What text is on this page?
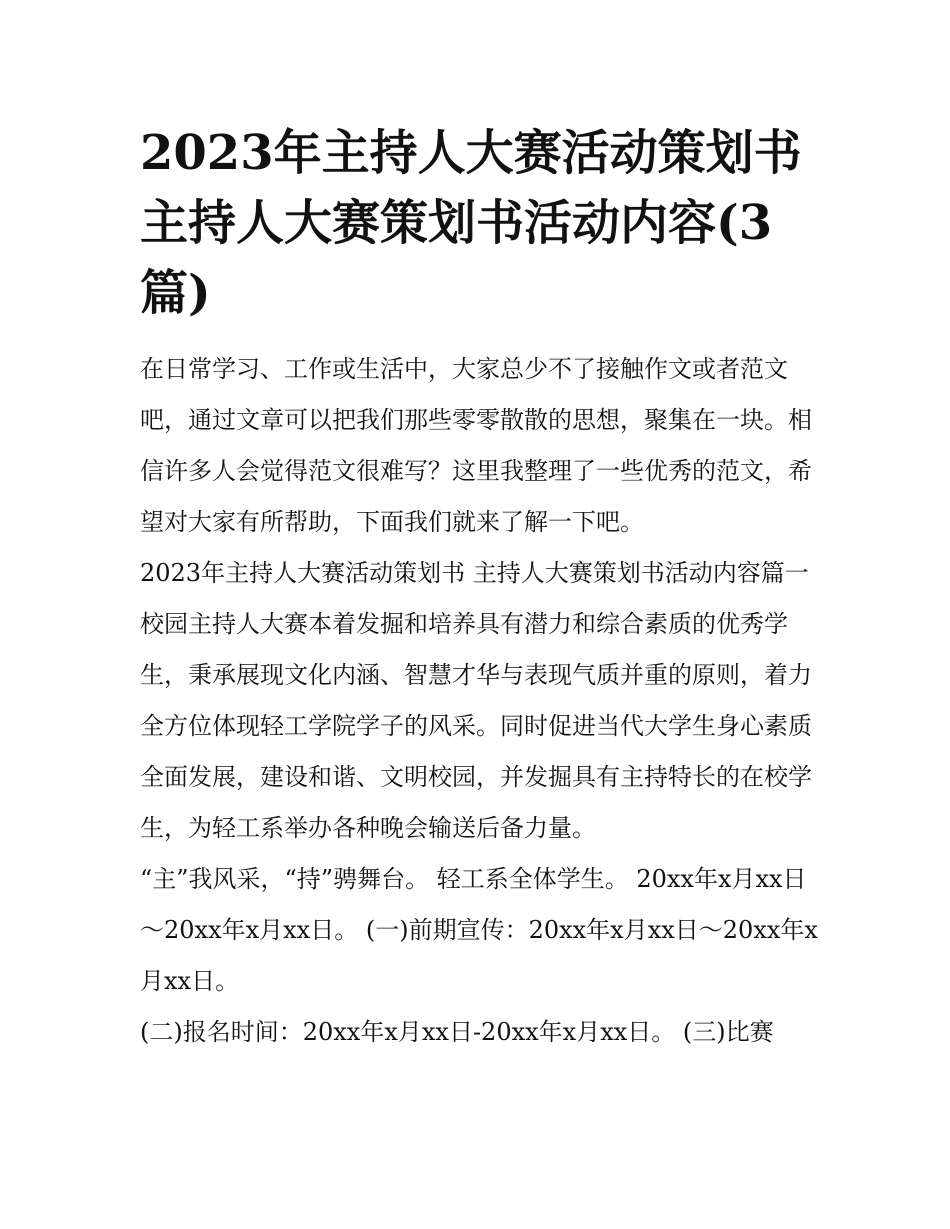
2023年主持人大赛活动策划书 主持人大赛策划书活动内容(3篇)

在日常学习、工作或生活中，大家总少不了接触作文或者范文吧，通过文章可以把我们那些零零散散的思想，聚集在一块。相信许多人会觉得范文很难写？这里我整理了一些优秀的范文，希望对大家有所帮助，下面我们就来了解一下吧。

2023年主持人大赛活动策划书 主持人大赛策划书活动内容篇一

校园主持人大赛本着发掘和培养具有潜力和综合素质的优秀学生，秉承展现文化内涵、智慧才华与表现气质并重的原则，着力全方位体现轻工学院学子的风采。同时促进当代大学生身心素质全面发展，建设和谐、文明校园，并发掘具有主持特长的在校学生，为轻工系举办各种晚会输送后备力量。

“主”我风采，“持”骋舞台。 轻工系全体学生。 20xx年x月xx日～20xx年x月xx日。 (一)前期宣传：20xx年x月xx日～20xx年x月xx日。

(二)报名时间：20xx年x月xx日-20xx年x月xx日。 (三)比赛
